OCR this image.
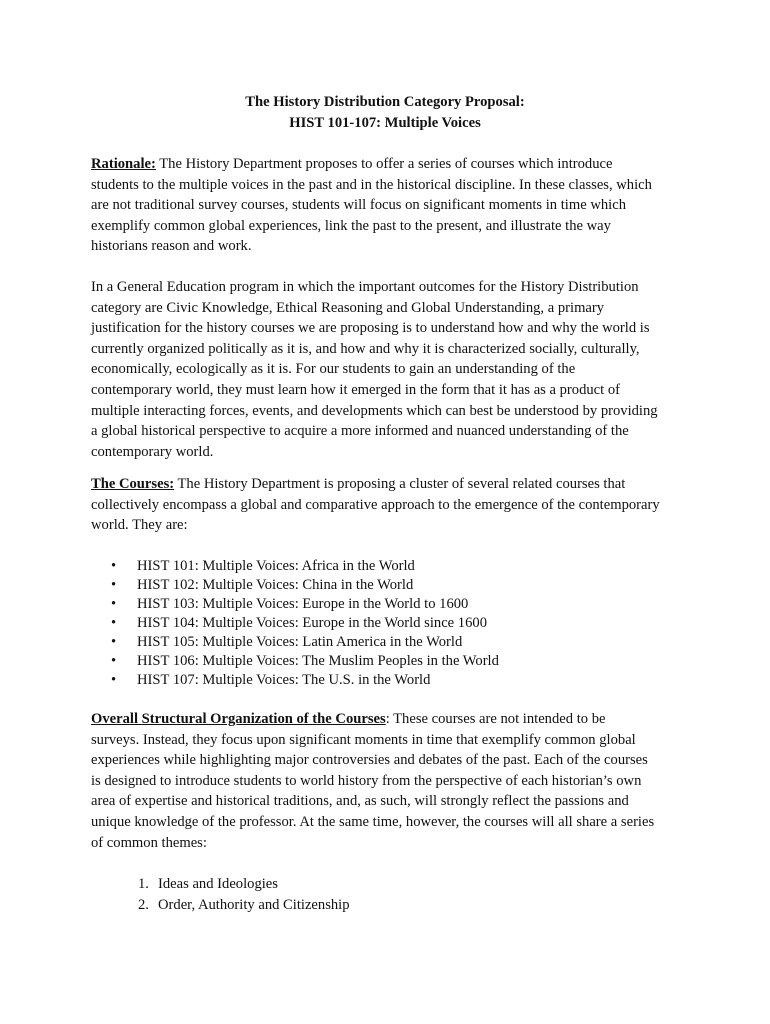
The History Distribution Category Proposal:
HIST 101-107: Multiple Voices
Rationale: The History Department proposes to offer a series of courses which introduce
students to the multiple voices in the past and in the historical discipline. In these classes, which
are not traditional survey courses, students will focus on significant moments in time which
exemplify common global experiences, link the past to the present, and illustrate the way
historians reason and work.
In a General Education program in which the important outcomes for the History Distribution
category are Civic Knowledge, Ethical Reasoning and Global Understanding, a primary
justification for the history courses we are proposing is to understand how and why the world is
currently organized politically as it is, and how and why it is characterized socially, culturally,
economically, ecologically as it is. For our students to gain an understanding of the
contemporary world, they must learn how it emerged in the form that it has as a product of
multiple interacting forces, events, and developments which can best be understood by providing
a global historical perspective to acquire a more informed and nuanced understanding of the
contemporary world.
The Courses: The History Department is proposing a cluster of several related courses that
collectively encompass a global and comparative approach to the emergence of the contemporary
world. They are:
• HIST 101: Multiple Voices: Africa in the World
• HIST 102: Multiple Voices: China in the World
• HIST 103: Multiple Voices: Europe in the World to 1600
• HIST 104: Multiple Voices: Europe in the World since 1600
• HIST 105: Multiple Voices: Latin America in the World
• HIST 106: Multiple Voices: The Muslim Peoples in the World
• HIST 107: Multiple Voices: The U.S. in the World
Overall Structural Organization of the Courses: These courses are not intended to be
surveys. Instead, they focus upon significant moments in time that exemplify common global
experiences while highlighting major controversies and debates of the past. Each of the courses
is designed to introduce students to world history from the perspective of each historian’s own
area of expertise and historical traditions, and, as such, will strongly reflect the passions and
unique knowledge of the professor. At the same time, however, the courses will all share a series
of common themes:
1. Ideas and Ideologies
2. Order, Authority and Citizenship
